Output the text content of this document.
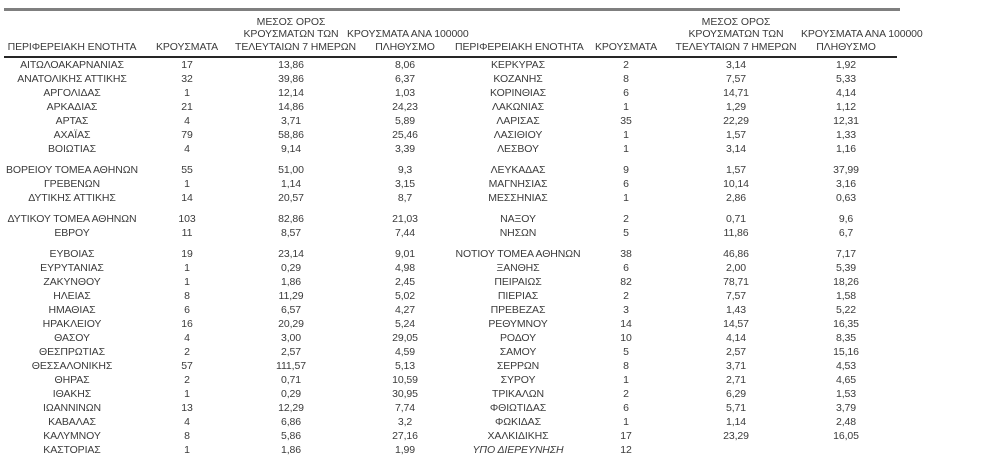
ΠΕΡΙΦΕΡΕΙΑΚΗ ΕΝΟΤΗΤΑ	ΚΡΟΥΣΜΑΤΑ
ΜΕΣΟΣ ΟΡΟΣ
ΚΡΟΥΣΜΑΤΩΝ ΤΩΝ
ΤΕΛΕΥΤΑΙΩΝ 7 ΗΜΕΡΩΝ
ΚΡΟΥΣΜΑΤΑ ΑΝΑ 100000
ΠΛΗΘΥΣΜΟ
ΑΙΤΩΛΟΑΚΑΡΝΑΝΙΑΣ	17	13,86	8,06
ΑΝΑΤΟΛΙΚΗΣ ΑΤΤΙΚΗΣ	32	39,86	6,37
ΑΡΓΟΛΙΔΑΣ	1	12,14	1,03
ΑΡΚΑΔΙΑΣ	21	14,86	24,23
ΑΡΤΑΣ	4	3,71	5,89
ΑΧΑΪΑΣ	79	58,86	25,46
ΒΟΙΩΤΙΑΣ	4	9,14	3,39
ΒΟΡΕΙΟΥ ΤΟΜΕΑ ΑΘΗΝΩΝ	55	51,00	9,3
ΓΡΕΒΕΝΩΝ	1	1,14	3,15
ΔΥΤΙΚΗΣ ΑΤΤΙΚΗΣ	14	20,57	8,7
ΔΥΤΙΚΟΥ ΤΟΜΕΑ ΑΘΗΝΩΝ	103	82,86	21,03
ΕΒΡΟΥ	11	8,57	7,44
ΕΥΒΟΙΑΣ	19	23,14	9,01
ΕΥΡΥΤΑΝΙΑΣ	1	0,29	4,98
ΖΑΚΥΝΘΟΥ	1	1,86	2,45
ΗΛΕΙΑΣ	8	11,29	5,02
ΗΜΑΘΙΑΣ	6	6,57	4,27
ΗΡΑΚΛΕΙΟΥ	16	20,29	5,24
ΘΑΣΟΥ	4	3,00	29,05
ΘΕΣΠΡΩΤΙΑΣ	2	2,57	4,59
ΘΕΣΣΑΛΟΝΙΚΗΣ	57	111,57	5,13
ΘΗΡΑΣ	2	0,71	10,59
ΙΘΑΚΗΣ	1	0,29	30,95
ΙΩΑΝΝΙΝΩΝ	13	12,29	7,74
ΚΑΒΑΛΑΣ	4	6,86	3,2
ΚΑΛΥΜΝΟΥ	8	5,86	27,16
ΚΑΣΤΟΡΙΑΣ	1	1,86	1,99
ΠΕΡΙΦΕΡΕΙΑΚΗ ΕΝΟΤΗΤΑ	ΚΡΟΥΣΜΑΤΑ
ΜΕΣΟΣ ΟΡΟΣ
ΚΡΟΥΣΜΑΤΩΝ ΤΩΝ
ΤΕΛΕΥΤΑΙΩΝ 7 ΗΜΕΡΩΝ
ΚΡΟΥΣΜΑΤΑ ΑΝΑ 100000
ΠΛΗΘΥΣΜΟ
ΚΕΡΚΥΡΑΣ	2	3,14	1,92
ΚΟΖΑΝΗΣ	8	7,57	5,33
ΚΟΡΙΝΘΙΑΣ	6	14,71	4,14
ΛΑΚΩΝΙΑΣ	1	1,29	1,12
ΛΑΡΙΣΑΣ	35	22,29	12,31
ΛΑΣΙΘΙΟΥ	1	1,57	1,33
ΛΕΣΒΟΥ	1	3,14	1,16
ΛΕΥΚΑΔΑΣ	9	1,57	37,99
ΜΑΓΝΗΣΙΑΣ	6	10,14	3,16
ΜΕΣΣΗΝΙΑΣ	1	2,86	0,63
ΝΑΞΟΥ	2	0,71	9,6
ΝΗΣΩΝ	5	11,86	6,7
ΝΟΤΙΟΥ ΤΟΜΕΑ ΑΘΗΝΩΝ	38	46,86	7,17
ΞΑΝΘΗΣ	6	2,00	5,39
ΠΕΙΡΑΙΩΣ	82	78,71	18,26
ΠΙΕΡΙΑΣ	2	7,57	1,58
ΠΡΕΒΕΖΑΣ	3	1,43	5,22
ΡΕΘΥΜΝΟΥ	14	14,57	16,35
ΡΟΔΟΥ	10	4,14	8,35
ΣΑΜΟΥ	5	2,57	15,16
ΣΕΡΡΩΝ	8	3,71	4,53
ΣΥΡΟΥ	1	2,71	4,65
ΤΡΙΚΑΛΩΝ	2	6,29	1,53
ΦΘΙΩΤΙΔΑΣ	6	5,71	3,79
ΦΩΚΙΔΑΣ	1	1,14	2,48
ΧΑΛΚΙΔΙΚΗΣ	17	23,29	16,05
ΥΠΟ ΔΙΕΡΕΥΝΗΣΗ	12
